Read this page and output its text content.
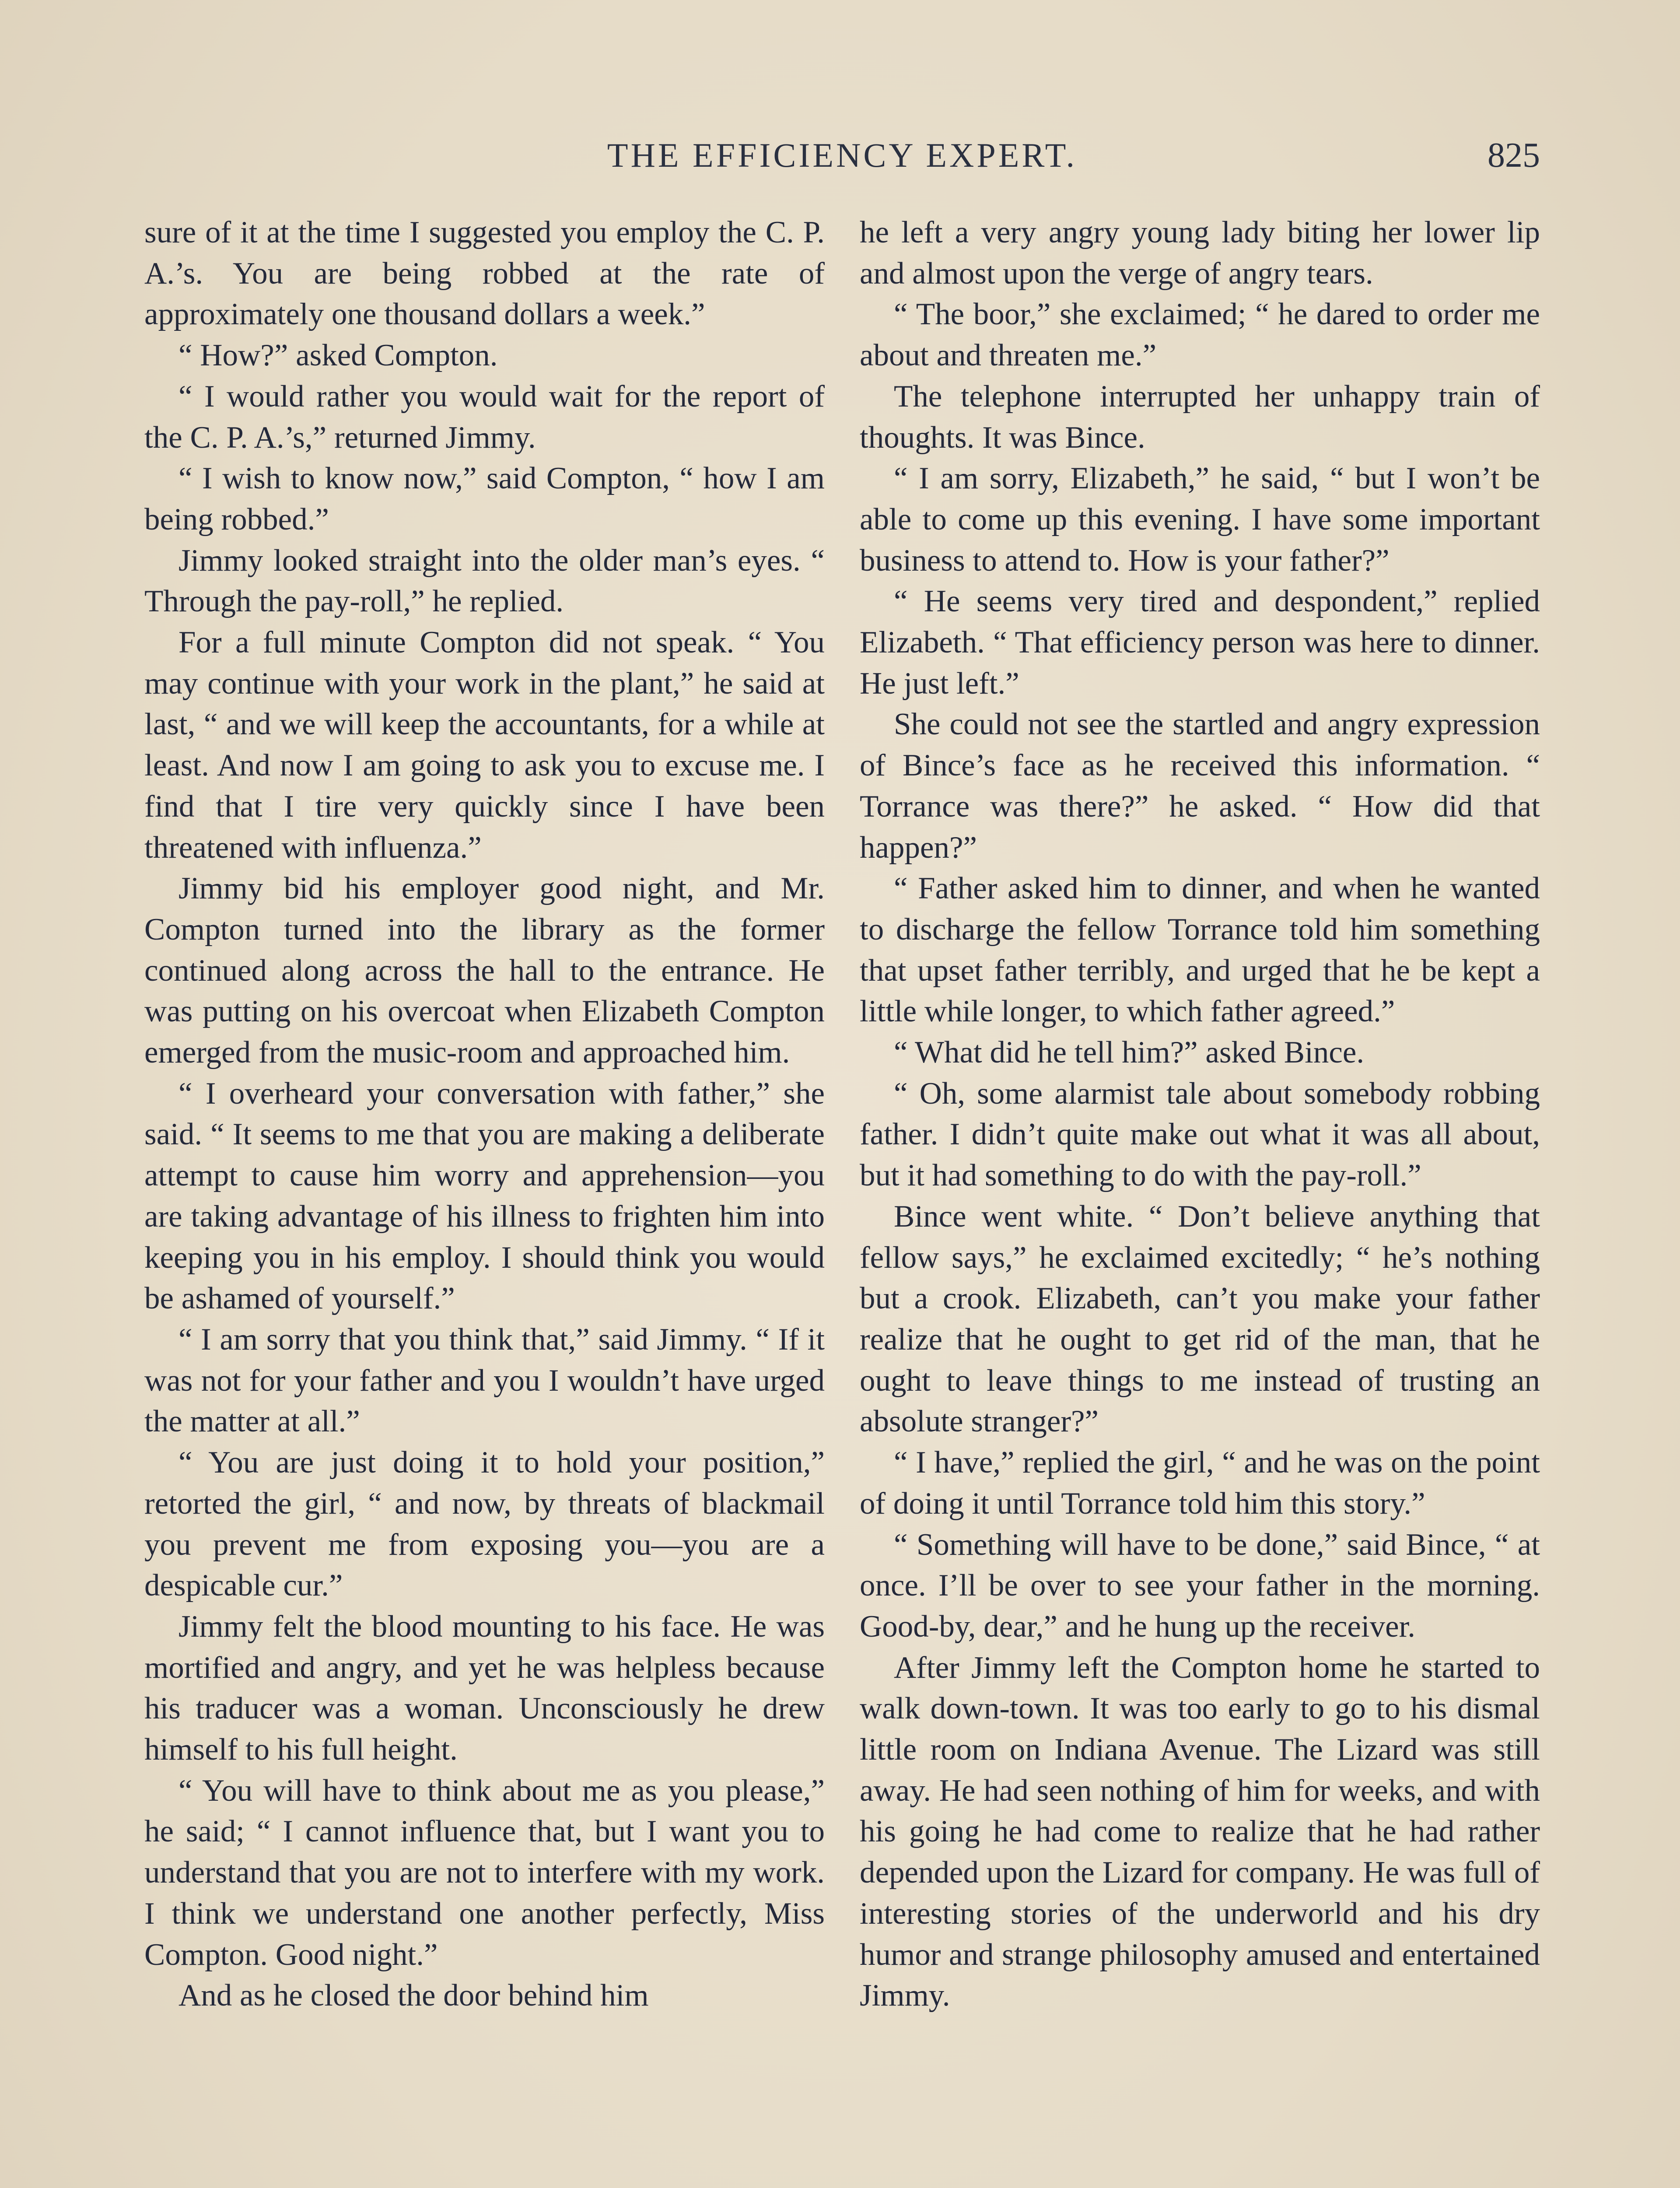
THE EFFICIENCY EXPERT.	825

sure of it at the time I suggested you employ the C. P. A.’s. You are being robbed at the rate of approximately one thousand dollars a week.”

“ How?” asked Compton.

“ I would rather you would wait for the report of the C. P. A.’s,” returned Jimmy.

“ I wish to know now,” said Compton, “ how I am being robbed.”

Jimmy looked straight into the older man’s eyes. “ Through the pay-roll,” he replied.

For a full minute Compton did not speak. “ You may continue with your work in the plant,” he said at last, “ and we will keep the accountants, for a while at least. And now I am going to ask you to excuse me. I find that I tire very quickly since I have been threatened with influenza.”

Jimmy bid his employer good night, and Mr. Compton turned into the library as the former continued along across the hall to the entrance. He was putting on his overcoat when Elizabeth Compton emerged from the music-room and approached him.

“ I overheard your conversation with father,” she said. “ It seems to me that you are making a deliberate attempt to cause him worry and apprehension—you are taking advantage of his illness to frighten him into keeping you in his employ. I should think you would be ashamed of yourself.”

“ I am sorry that you think that,” said Jimmy. “ If it was not for your father and you I wouldn’t have urged the matter at all.”

“ You are just doing it to hold your position,” retorted the girl, “ and now, by threats of blackmail you prevent me from exposing you—you are a despicable cur.”

Jimmy felt the blood mounting to his face. He was mortified and angry, and yet he was helpless because his traducer was a woman. Unconsciously he drew himself to his full height.

“ You will have to think about me as you please,” he said; “ I cannot influence that, but I want you to understand that you are not to interfere with my work. I think we understand one another perfectly, Miss Compton. Good night.”

And as he closed the door behind him

he left a very angry young lady biting her lower lip and almost upon the verge of angry tears.

“ The boor,” she exclaimed; “ he dared to order me about and threaten me.”

The telephone interrupted her unhappy train of thoughts. It was Bince.

“ I am sorry, Elizabeth,” he said, “ but I won’t be able to come up this evening. I have some important business to attend to. How is your father?”

“ He seems very tired and despondent,” replied Elizabeth. “ That efficiency person was here to dinner. He just left.”

She could not see the startled and angry expression of Bince’s face as he received this information. “ Torrance was there?” he asked. “ How did that happen?”

“ Father asked him to dinner, and when he wanted to discharge the fellow Torrance told him something that upset father terribly, and urged that he be kept a little while longer, to which father agreed.”

“ What did he tell him?” asked Bince.

“ Oh, some alarmist tale about somebody robbing father. I didn’t quite make out what it was all about, but it had something to do with the pay-roll.”

Bince went white. “ Don’t believe anything that fellow says,” he exclaimed excitedly; “ he’s nothing but a crook. Elizabeth, can’t you make your father realize that he ought to get rid of the man, that he ought to leave things to me instead of trusting an absolute stranger?”

“ I have,” replied the girl, “ and he was on the point of doing it until Torrance told him this story.”

“ Something will have to be done,” said Bince, “ at once. I’ll be over to see your father in the morning. Good-by, dear,” and he hung up the receiver.

After Jimmy left the Compton home he started to walk down-town. It was too early to go to his dismal little room on Indiana Avenue. The Lizard was still away. He had seen nothing of him for weeks, and with his going he had come to realize that he had rather depended upon the Lizard for company. He was full of interesting stories of the underworld and his dry humor and strange philosophy amused and entertained Jimmy.
